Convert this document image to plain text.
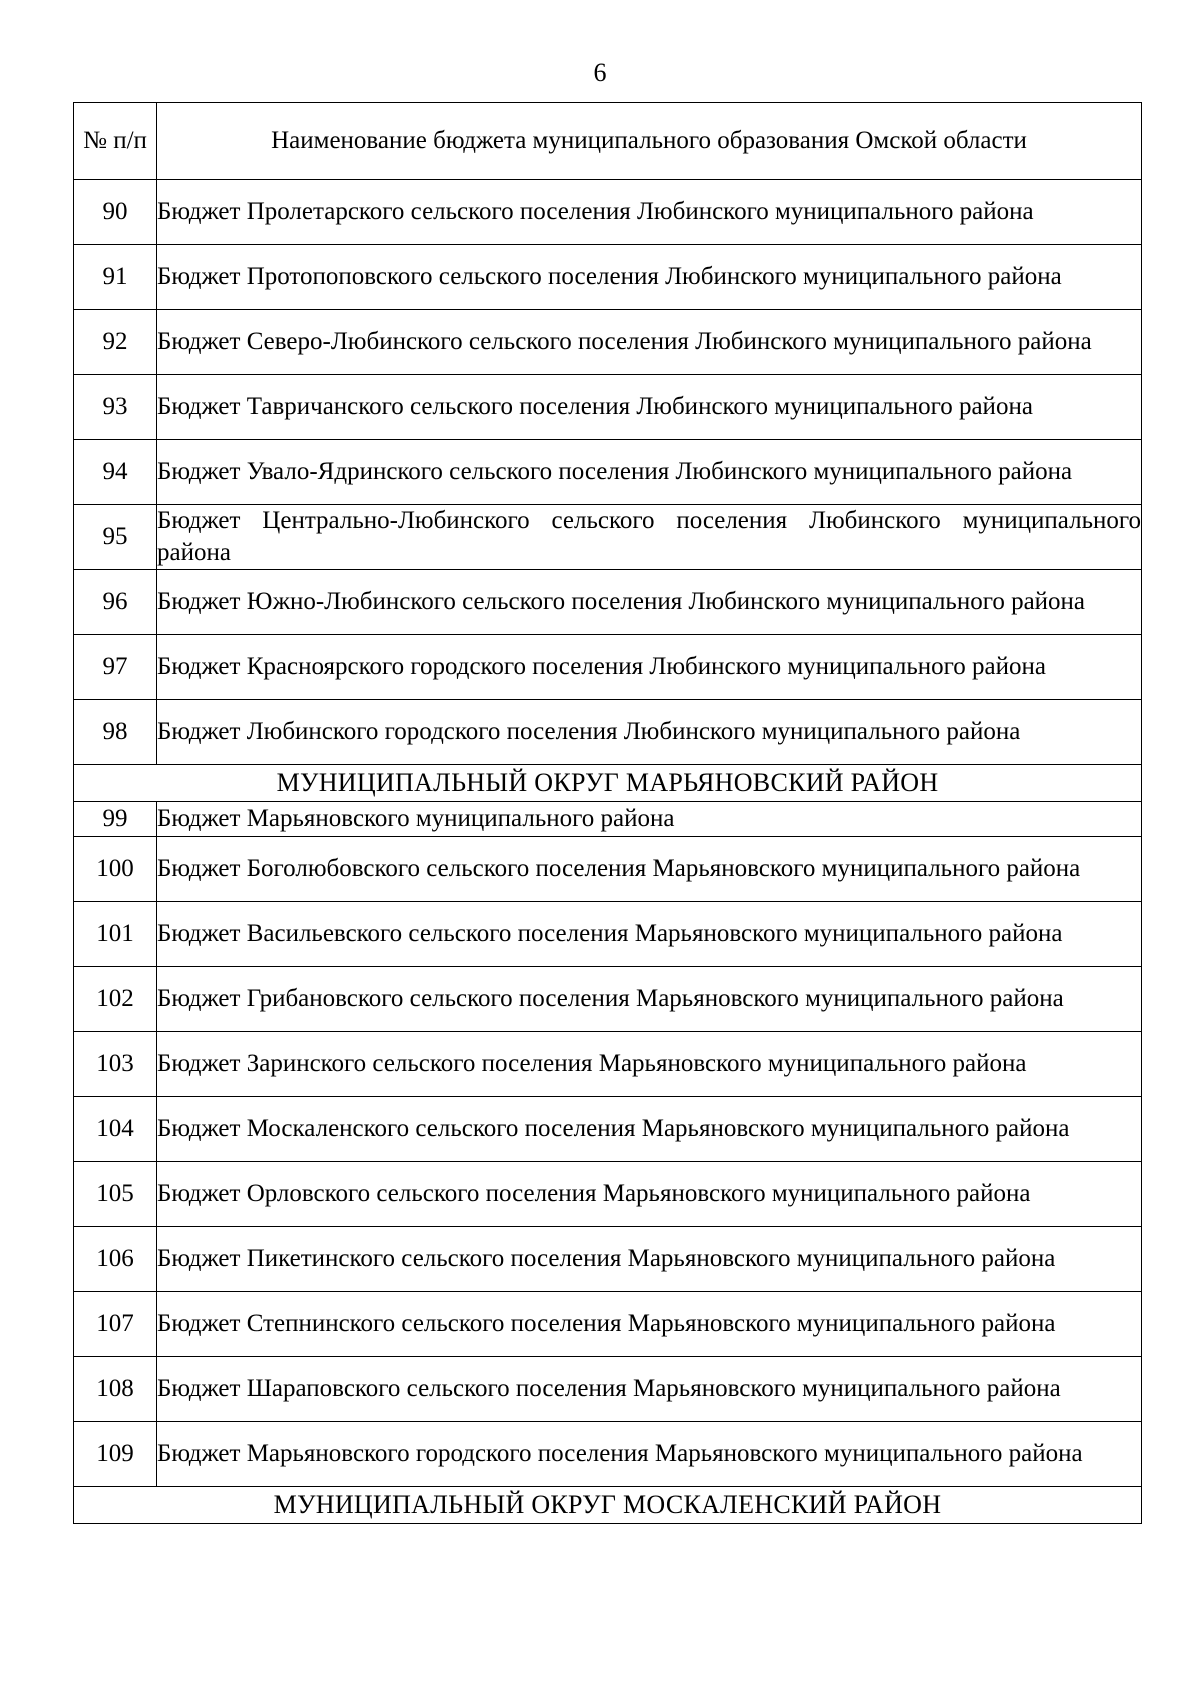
6
№ п/п	Наименование бюджета муниципального образования Омской области
90	Бюджет Пролетарского сельского поселения Любинского муниципального района
91	Бюджет Протопоповского сельского поселения Любинского муниципального района
92	Бюджет Северо-Любинского сельского поселения Любинского муниципального района
93	Бюджет Тавричанского сельского поселения Любинского муниципального района
94	Бюджет Увало-Ядринского сельского поселения Любинского муниципального района
95	Бюджет Центрально-Любинского сельского поселения Любинского муниципального района
96	Бюджет Южно-Любинского сельского поселения Любинского муниципального района
97	Бюджет Красноярского городского поселения Любинского муниципального района
98	Бюджет Любинского городского поселения Любинского муниципального района
МУНИЦИПАЛЬНЫЙ ОКРУГ МАРЬЯНОВСКИЙ РАЙОН	
99	Бюджет Марьяновского муниципального района
100	Бюджет Боголюбовского сельского поселения Марьяновского муниципального района
101	Бюджет Васильевского сельского поселения Марьяновского муниципального района
102	Бюджет Грибановского сельского поселения Марьяновского муниципального района
103	Бюджет Заринского сельского поселения Марьяновского муниципального района
104	Бюджет Москаленского сельского поселения Марьяновского муниципального района
105	Бюджет Орловского сельского поселения Марьяновского муниципального района
106	Бюджет Пикетинского сельского поселения Марьяновского муниципального района
107	Бюджет Степнинского сельского поселения Марьяновского муниципального района
108	Бюджет Шараповского сельского поселения Марьяновского муниципального района
109	Бюджет Марьяновского городского поселения Марьяновского муниципального района
МУНИЦИПАЛЬНЫЙ ОКРУГ МОСКАЛЕНСКИЙ РАЙОН	
